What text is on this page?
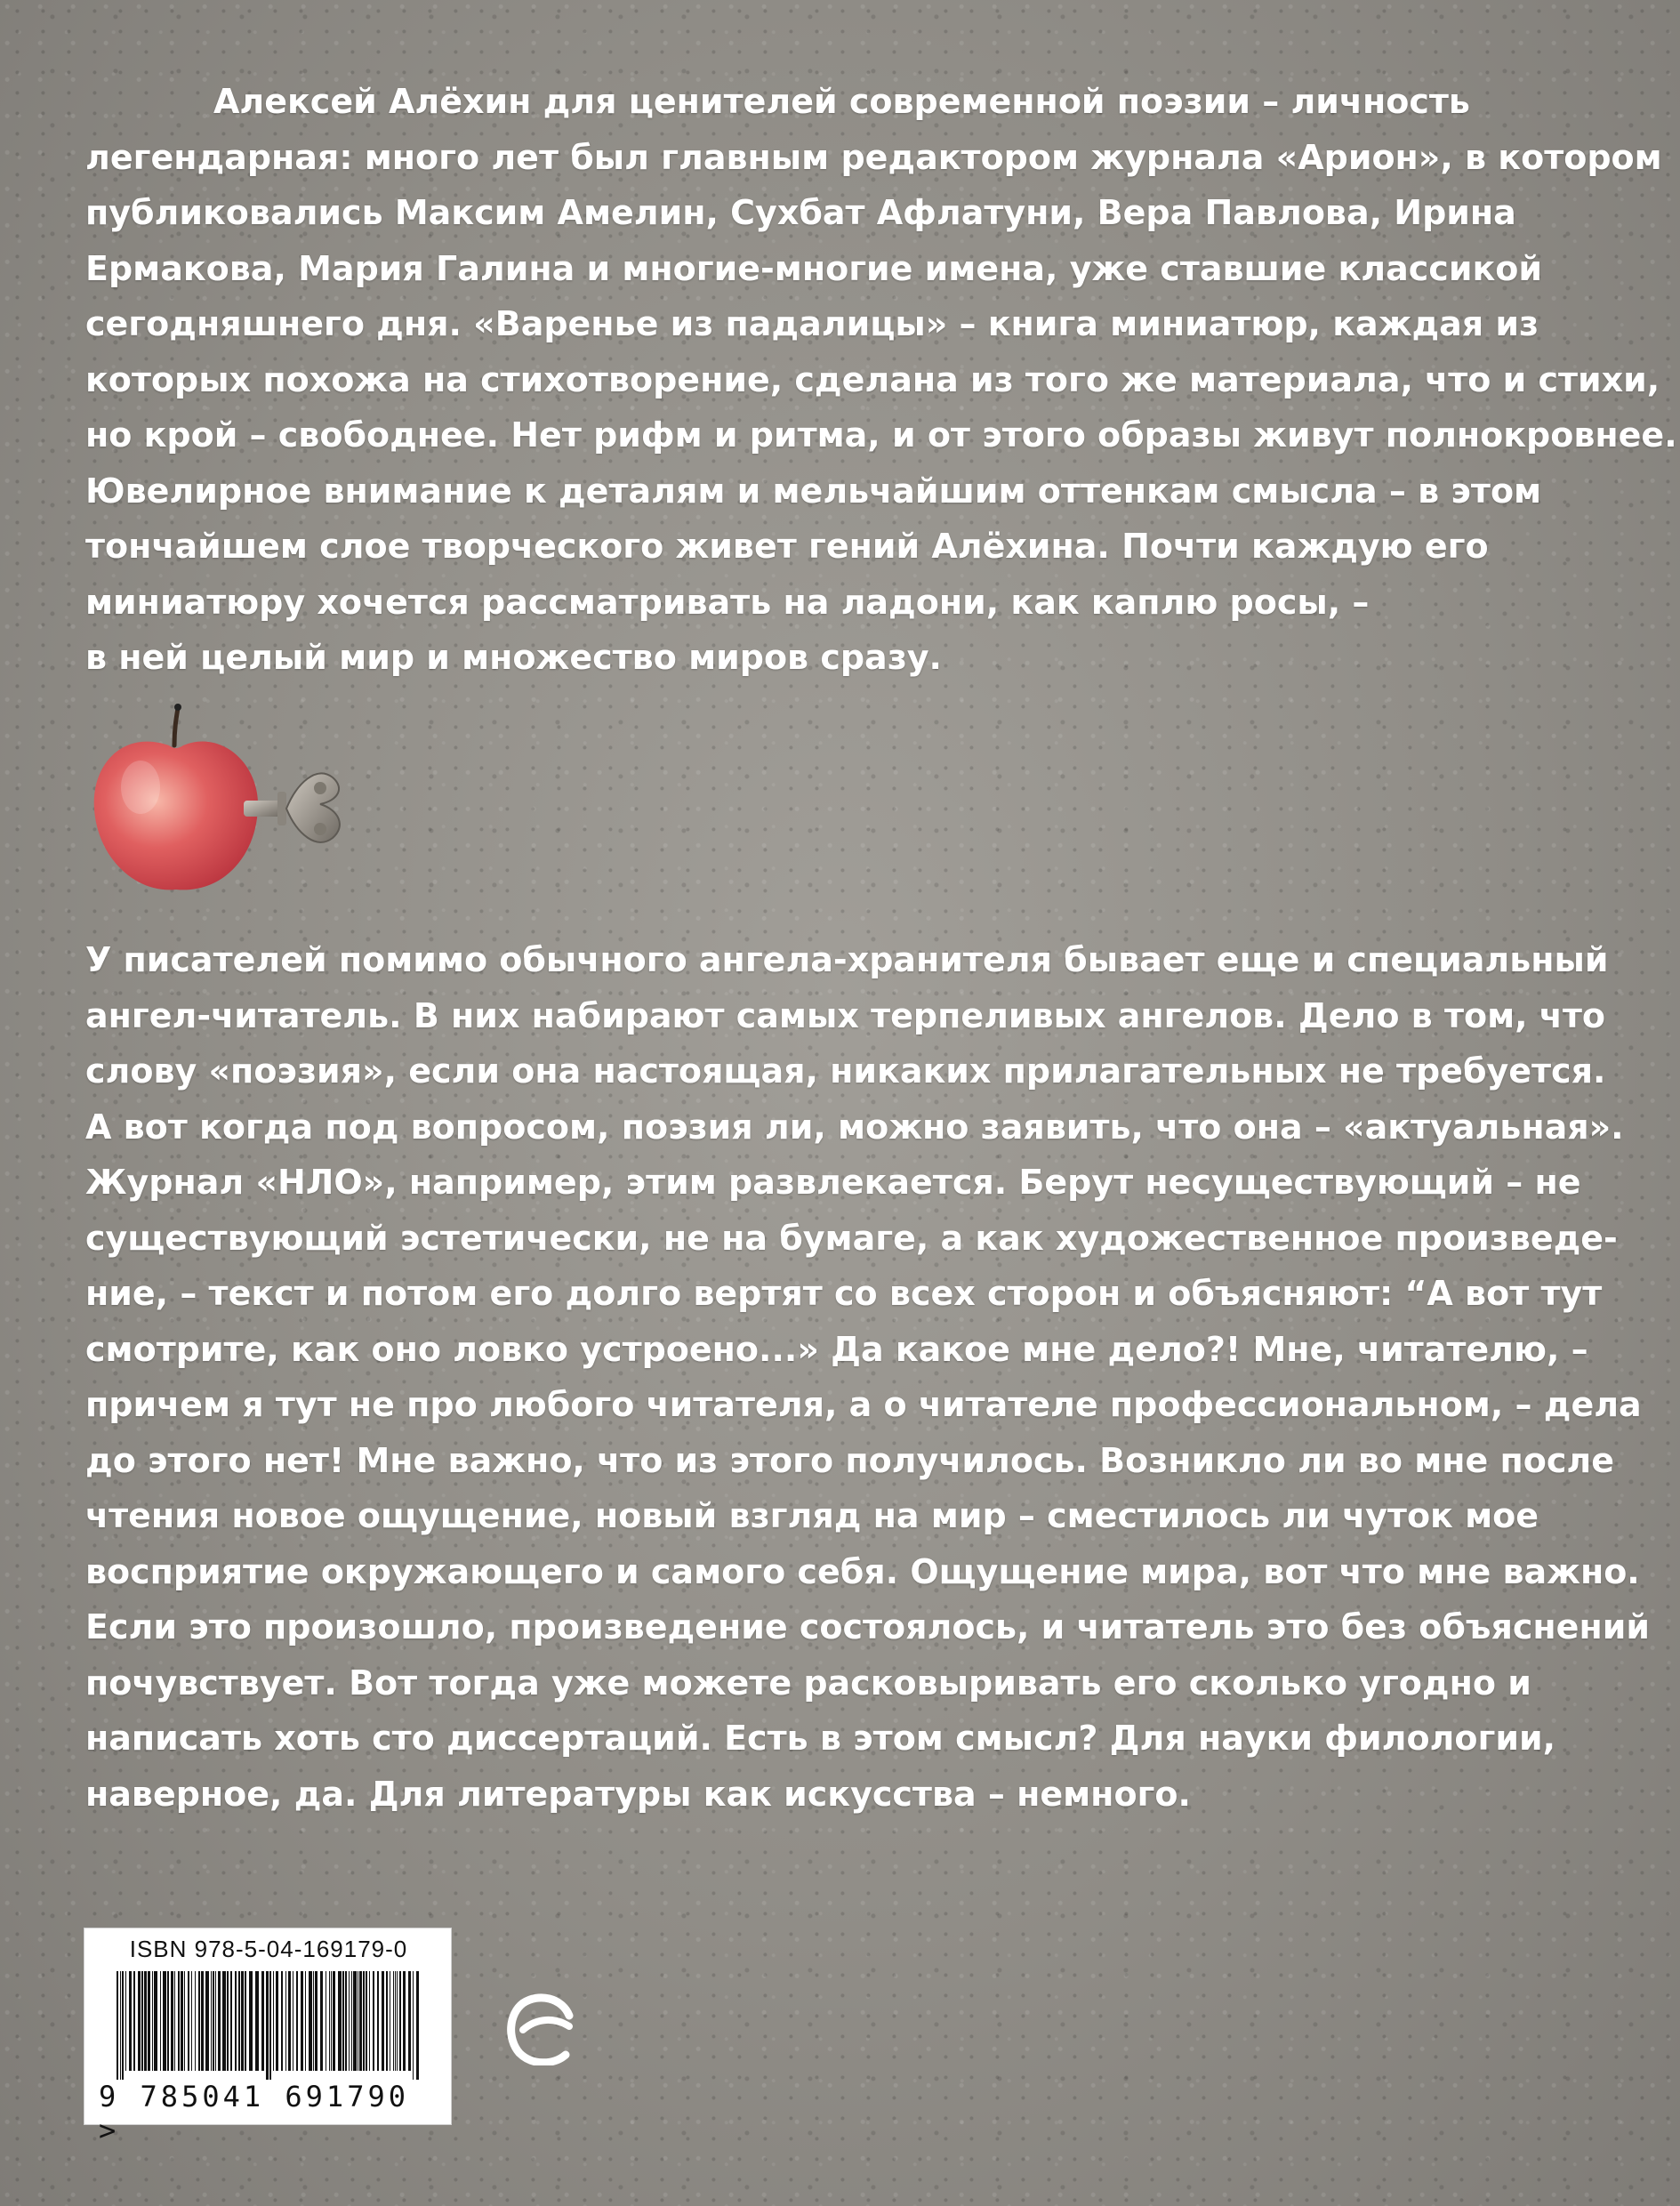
Алексей Алёхин для ценителей современной поэзии – личность
легендарная: много лет был главным редактором журнала «Арион», в котором
публиковались Максим Амелин, Сухбат Афлатуни, Вера Павлова, Ирина
Ермакова, Мария Галина и многие-многие имена, уже ставшие классикой
сегодняшнего дня. «Варенье из падалицы» – книга миниатюр, каждая из
которых похожа на стихотворение, сделана из того же материала, что и стихи,
но крой – свободнее. Нет рифм и ритма, и от этого образы живут полнокровнее.
Ювелирное внимание к деталям и мельчайшим оттенкам смысла – в этом
тончайшем слое творческого живет гений Алёхина. Почти каждую его
миниатюру хочется рассматривать на ладони, как каплю росы, –
в ней целый мир и множество миров сразу.
У писателей помимо обычного ангела-хранителя бывает еще и специальный
ангел-читатель. В них набирают самых терпеливых ангелов. Дело в том, что
слову «поэзия», если она настоящая, никаких прилагательных не требуется.
А вот когда под вопросом, поэзия ли, можно заявить, что она – «актуальная».
Журнал «НЛО», например, этим развлекается. Берут несуществующий – не
существующий эстетически, не на бумаге, а как художественное произведе-
ние, – текст и потом его долго вертят со всех сторон и объясняют: “А вот тут
смотрите, как оно ловко устроено...» Да какое мне дело?! Мне, читателю, –
причем я тут не про любого читателя, а о читателе профессиональном, – дела
до этого нет! Мне важно, что из этого получилось. Возникло ли во мне после
чтения новое ощущение, новый взгляд на мир – сместилось ли чуток мое
восприятие окружающего и самого себя. Ощущение мира, вот что мне важно.
Если это произошло, произведение состоялось, и читатель это без объяснений
почувствует. Вот тогда уже можете расковыривать его сколько угодно и
написать хоть сто диссертаций. Есть в этом смысл? Для науки филологии,
наверное, да. Для литературы как искусства – немного.
ISBN 978-5-04-169179-0
9 785041 691790 >
